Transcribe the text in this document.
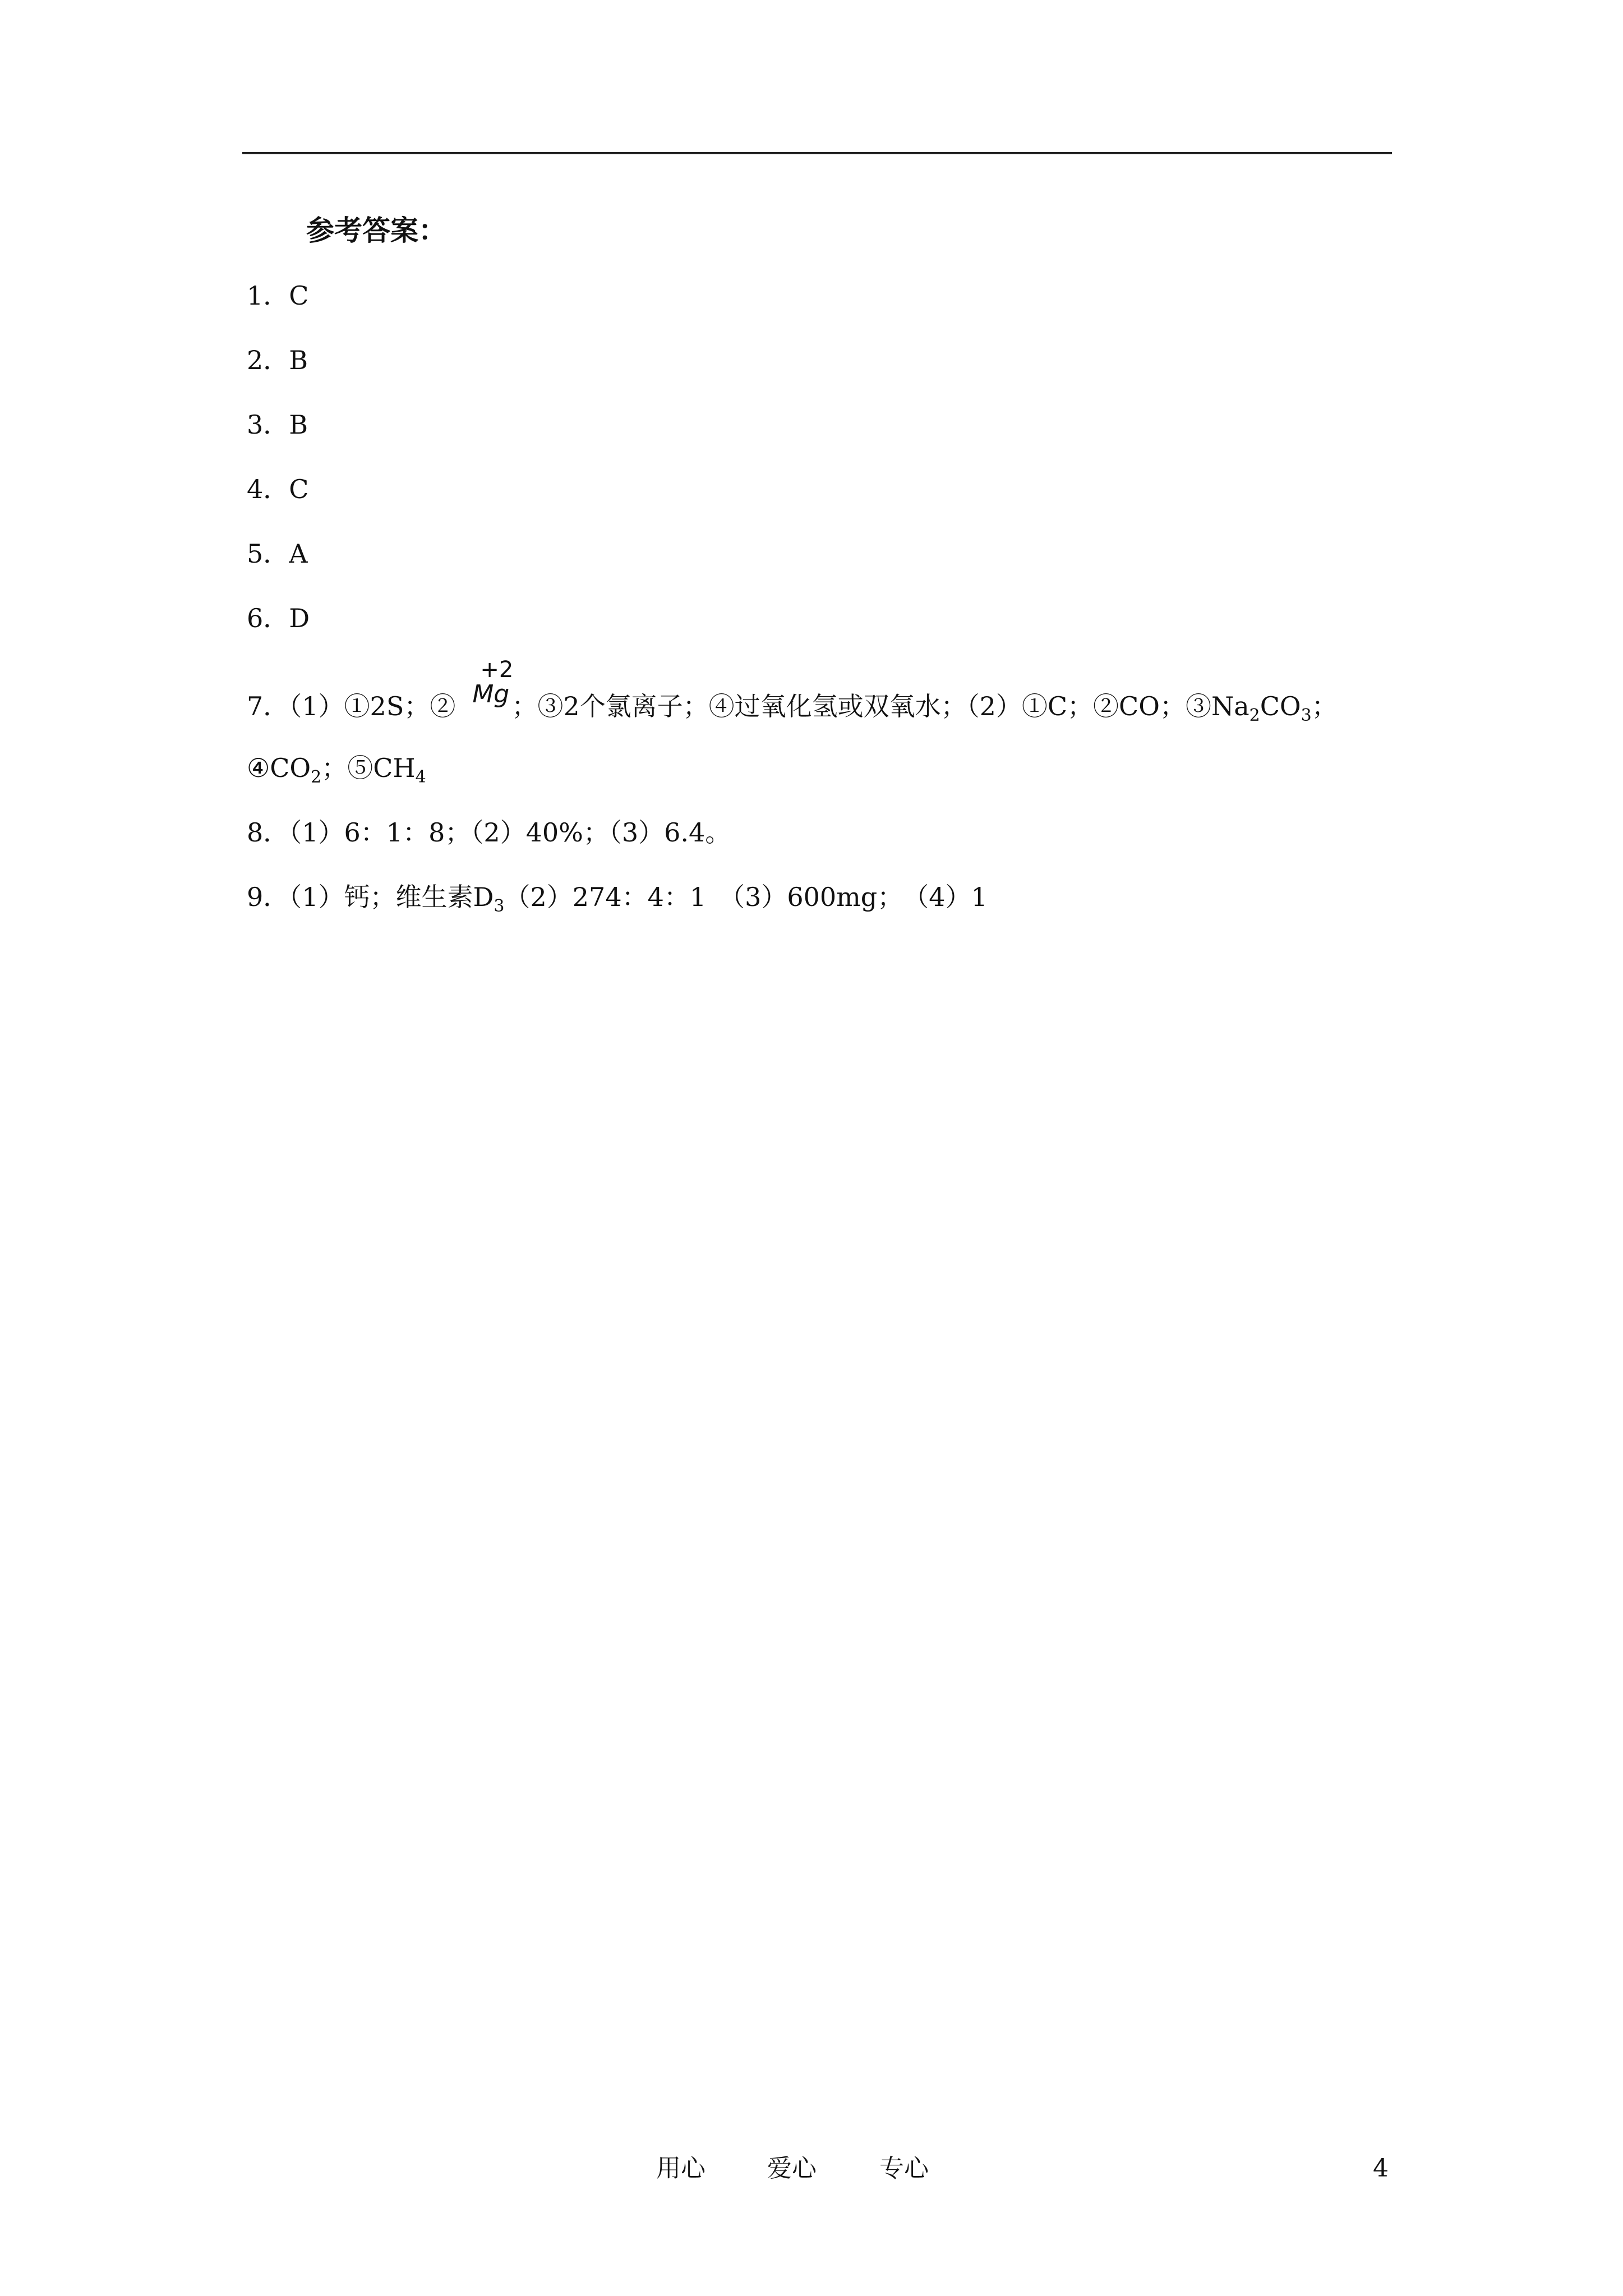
参考答案：
1．C
2．B
3．B
4．C
5．A
6．D
7．（1）①2S；②
+2
Mg ；③2个氯离子；④过氧化氢或双氧水；（2）①C；②CO；$③Na_2CO_3$；
$④CO_2$；$⑤CH_4$
8．（1）6：1：8；（2）40%；（3）6.4。
9．（1）钙；维生素$D_3(2)274$：4：1　（3）600mg；　（4）1
用心	爱心	专心	4
